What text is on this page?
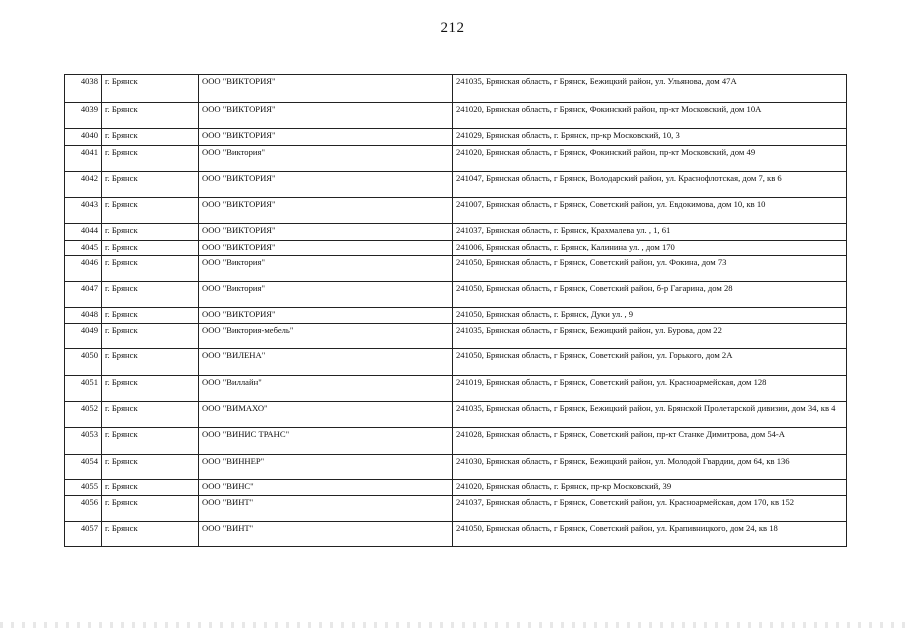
212
4038	г. Брянск	ООО "ВИКТОРИЯ"	241035, Брянская область, г Брянск, Бежицкий район, ул. Ульянова, дом 47А
4039	г. Брянск	ООО "ВИКТОРИЯ"	241020, Брянская область, г Брянск, Фокинский район, пр-кт Московский, дом 10А
4040	г. Брянск	ООО "ВИКТОРИЯ"	241029, Брянская область, г. Брянск, пр-кр Московский, 10, 3
4041	г. Брянск	ООО "Виктория"	241020, Брянская область, г Брянск, Фокинский район, пр-кт Московский, дом 49
4042	г. Брянск	ООО "ВИКТОРИЯ"	241047, Брянская область, г Брянск, Володарский район, ул. Краснофлотская, дом 7, кв 6
4043	г. Брянск	ООО "ВИКТОРИЯ"	241007, Брянская область, г Брянск, Советский район, ул. Евдокимова, дом 10, кв 10
4044	г. Брянск	ООО "ВИКТОРИЯ"	241037, Брянская область, г. Брянск, Крахмалева ул. , 1, 61
4045	г. Брянск	ООО "ВИКТОРИЯ"	241006, Брянская область, г. Брянск, Калинина ул. , дом 170
4046	г. Брянск	ООО "Виктория"	241050, Брянская область, г Брянск, Советский район, ул. Фокина, дом 73
4047	г. Брянск	ООО "Виктория"	241050, Брянская область, г Брянск, Советский район, б-р Гагарина, дом 28
4048	г. Брянск	ООО "ВИКТОРИЯ"	241050, Брянская область, г. Брянск, Дуки ул. , 9
4049	г. Брянск	ООО "Виктория-мебель"	241035, Брянская область, г Брянск, Бежицкий район, ул. Бурова, дом 22
4050	г. Брянск	ООО "ВИЛЕНА"	241050, Брянская область, г Брянск, Советский район, ул. Горького, дом 2А
4051	г. Брянск	ООО "Виллайн"	241019, Брянская область, г Брянск, Советский район, ул. Красноармейская, дом 128
4052	г. Брянск	ООО "ВИМАХО"	241035, Брянская область, г Брянск, Бежицкий район, ул. Брянской Пролетарской дивизии, дом 34, кв 4
4053	г. Брянск	ООО "ВИНИС ТРАНС"	241028, Брянская область, г Брянск, Советский район, пр-кт Станке Димитрова, дом 54-А
4054	г. Брянск	ООО "ВИННЕР"	241030, Брянская область, г Брянск, Бежицкий район, ул. Молодой Гвардии, дом 64, кв 136
4055	г. Брянск	ООО "ВИНС"	241020, Брянская область, г. Брянск, пр-кр Московский, 39
4056	г. Брянск	ООО "ВИНТ"	241037, Брянская область, г Брянск, Советский район, ул. Красноармейская, дом 170, кв 152
4057	г. Брянск	ООО "ВИНТ"	241050, Брянская область, г Брянск, Советский район, ул. Крапивницкого, дом 24, кв 18
